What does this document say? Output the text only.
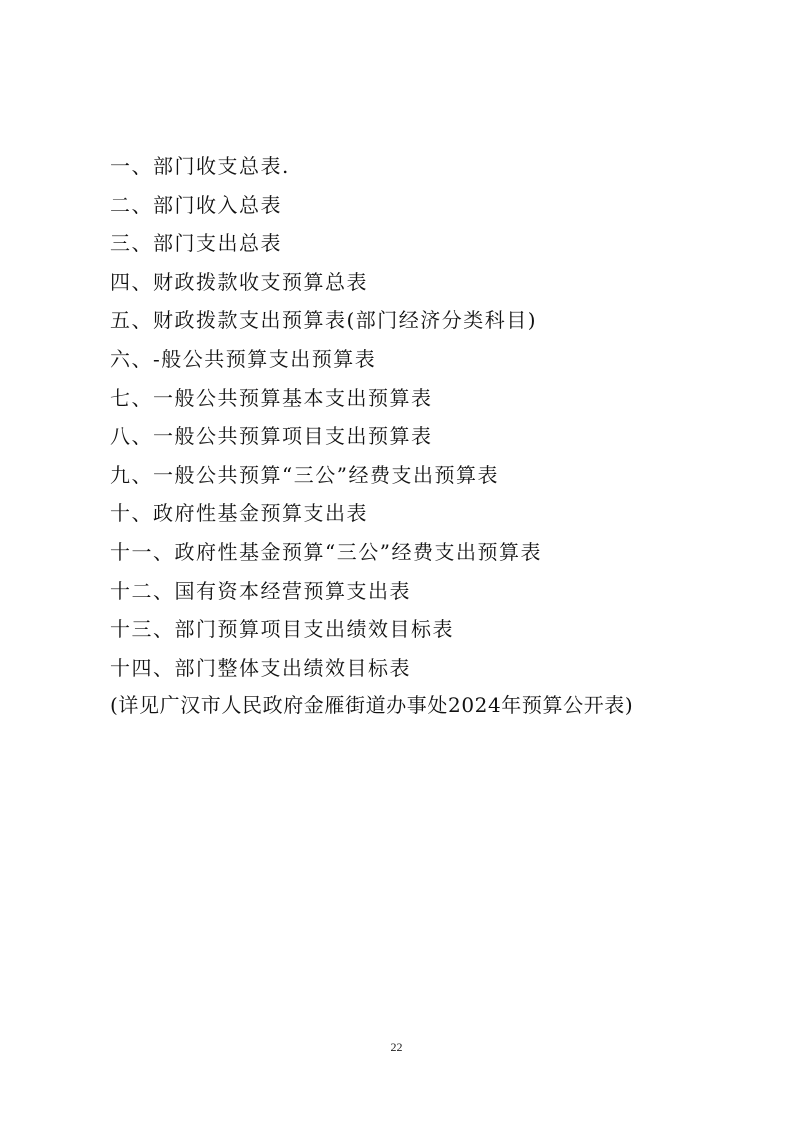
一、部门收支总表.
二、部门收入总表
三、部门支出总表
四、财政拨款收支预算总表
五、财政拨款支出预算表(部门经济分类科目)
六、-般公共预算支出预算表
七、一般公共预算基本支出预算表
八、一般公共预算项目支出预算表
九、一般公共预算“三公”经费支出预算表
十、政府性基金预算支出表
十一、政府性基金预算“三公”经费支出预算表
十二、国有资本经营预算支出表
十三、部门预算项目支出绩效目标表
十四、部门整体支出绩效目标表
(详见广汉市人民政府金雁街道办事处2024年预算公开表)
22
